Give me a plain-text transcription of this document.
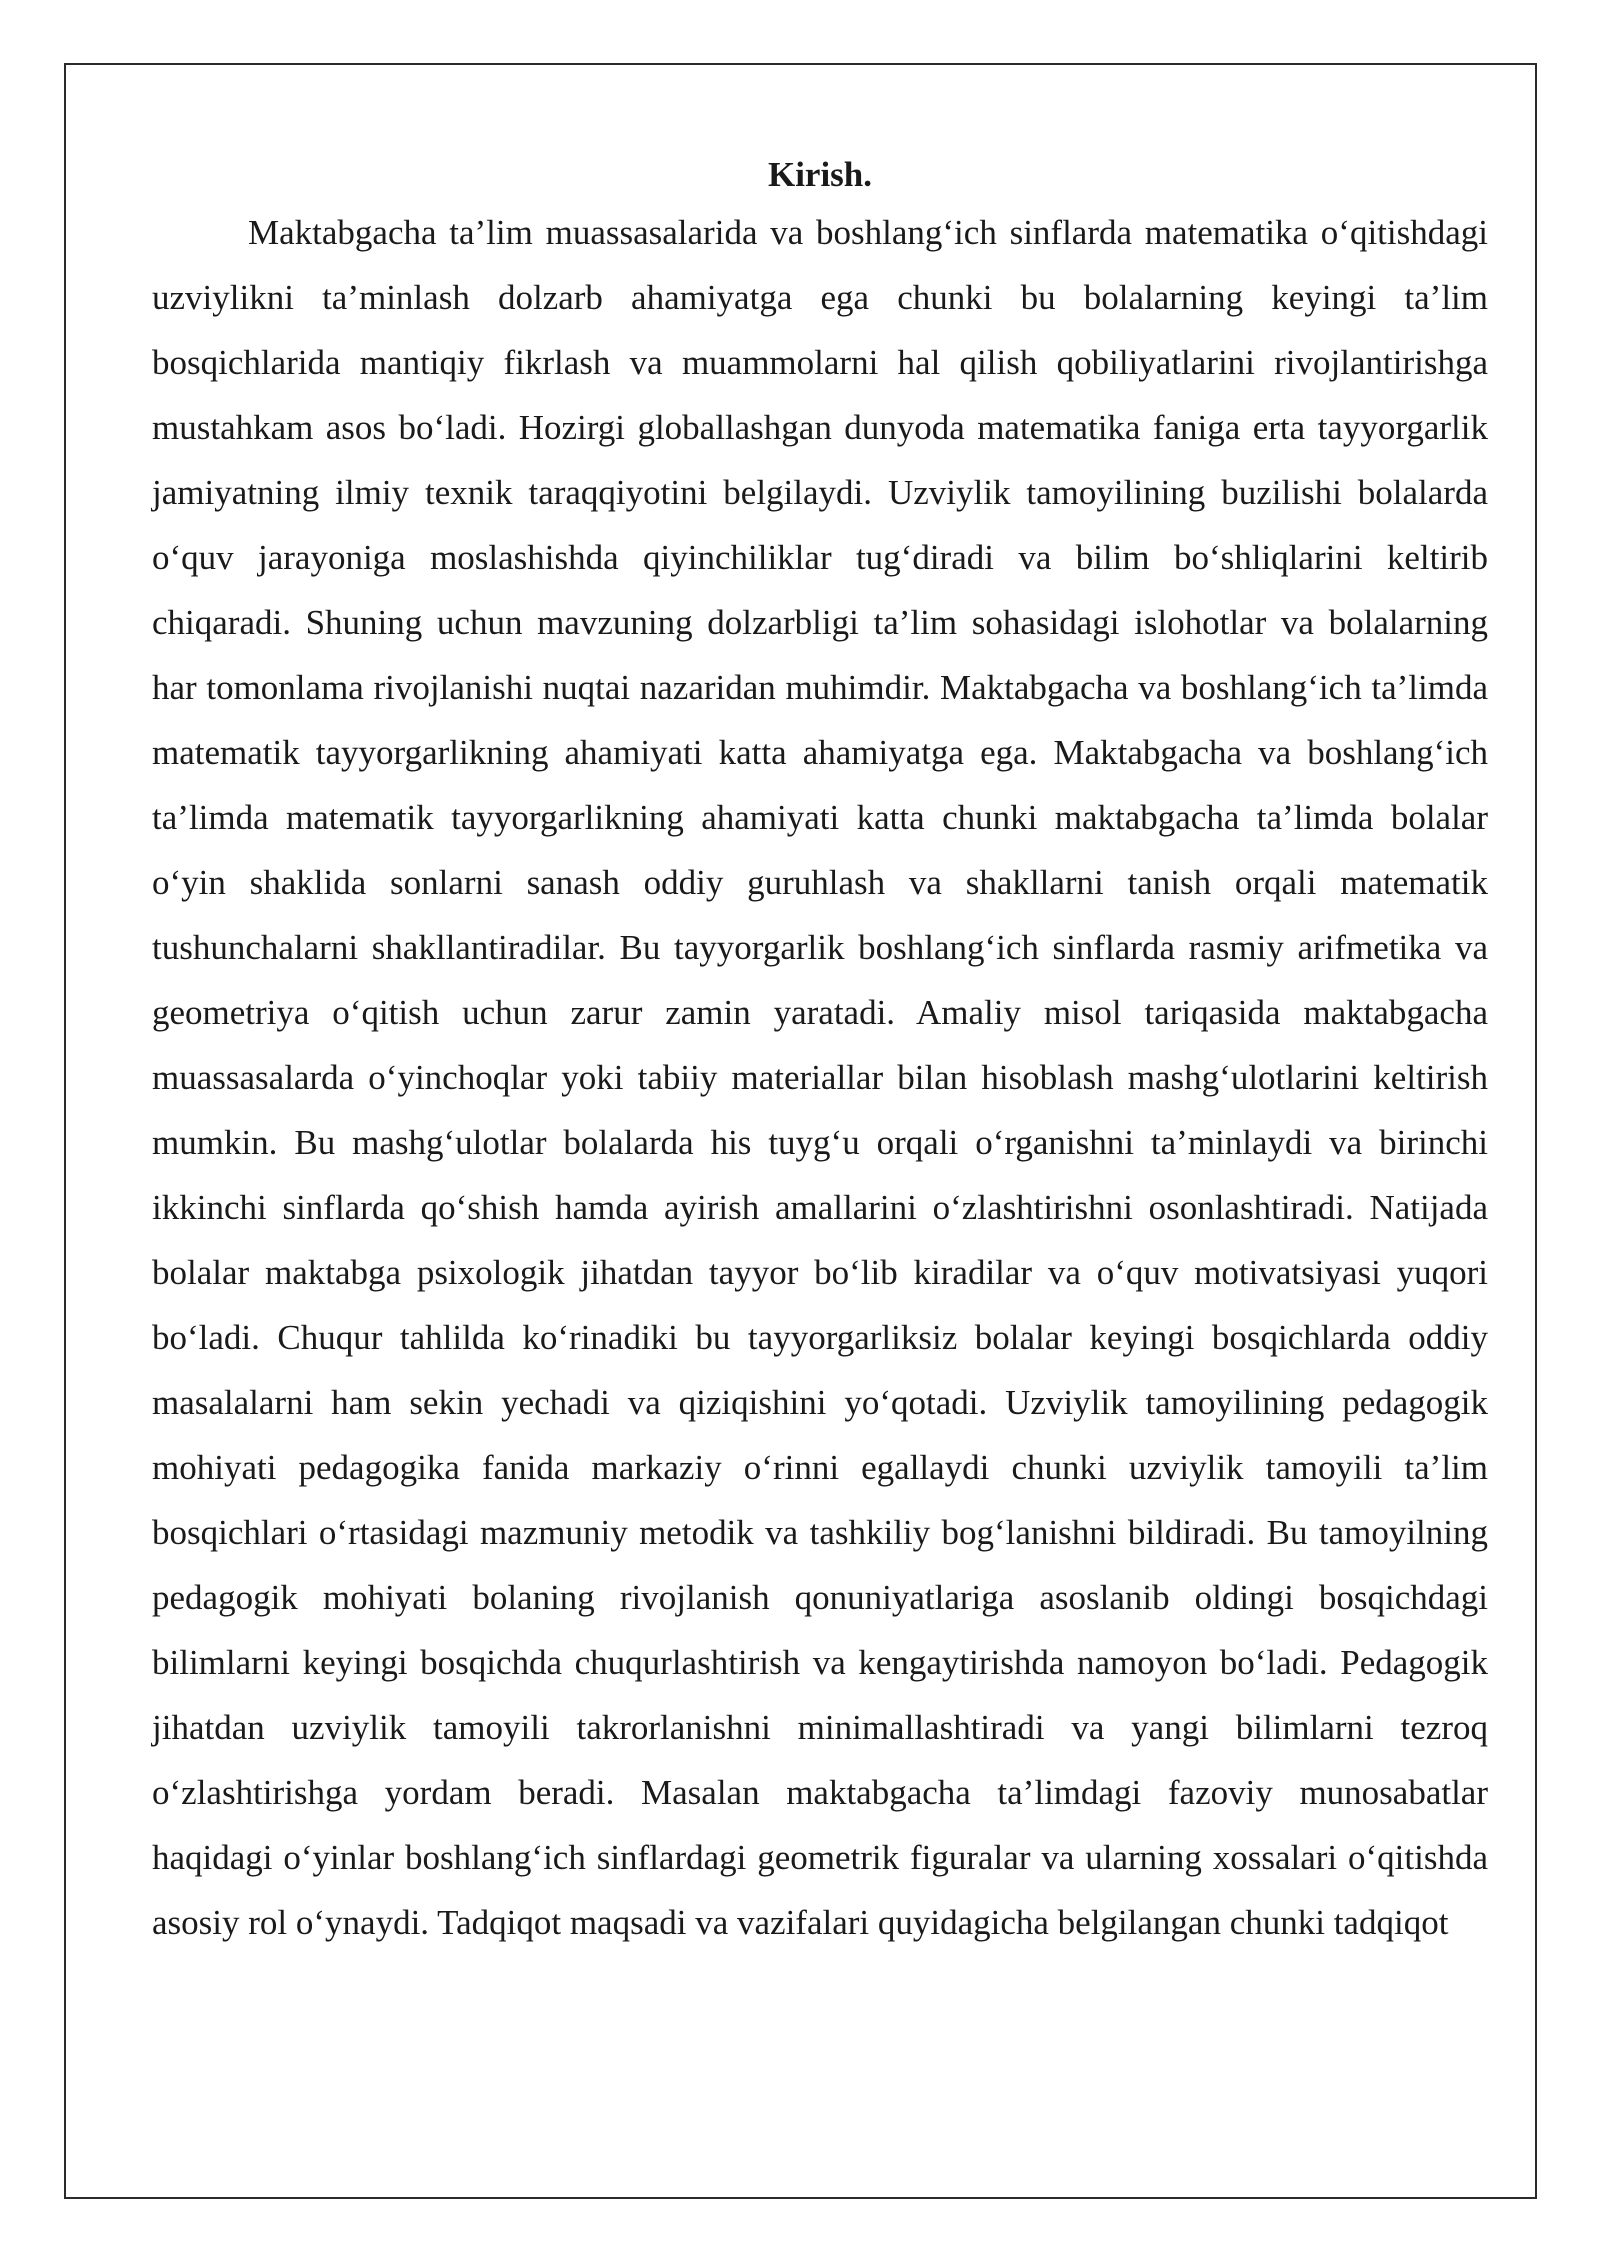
Kirish.

Maktabgacha ta’lim muassasalarida va boshlang‘ich sinflarda matematika o‘qitishdagi uzviylikni ta’minlash dolzarb ahamiyatga ega chunki bu bolalarning keyingi ta’lim bosqichlarida mantiqiy fikrlash va muammolarni hal qilish qobiliyatlarini rivojlantirishga mustahkam asos bo‘ladi. Hozirgi globallashgan dunyoda matematika faniga erta tayyorgarlik jamiyatning ilmiy texnik taraqqiyotini belgilaydi. Uzviylik tamoyilining buzilishi bolalarda o‘quv jarayoniga moslashishda qiyinchiliklar tug‘diradi va bilim bo‘shliqlarini keltirib chiqaradi. Shuning uchun mavzuning dolzarbligi ta’lim sohasidagi islohotlar va bolalarning har tomonlama rivojlanishi nuqtai nazaridan muhimdir. Maktabgacha va boshlang‘ich ta’limda matematik tayyorgarlikning ahamiyati katta ahamiyatga ega. Maktabgacha va boshlang‘ich ta’limda matematik tayyorgarlikning ahamiyati katta chunki maktabgacha ta’limda bolalar o‘yin shaklida sonlarni sanash oddiy guruhlash va shakllarni tanish orqali matematik tushunchalarni shakllantiradilar. Bu tayyorgarlik boshlang‘ich sinflarda rasmiy arifmetika va geometriya o‘qitish uchun zarur zamin yaratadi. Amaliy misol tariqasida maktabgacha muassasalarda o‘yinchoqlar yoki tabiiy materiallar bilan hisoblash mashg‘ulotlarini keltirish mumkin. Bu mashg‘ulotlar bolalarda his tuyg‘u orqali o‘rganishni ta’minlaydi va birinchi ikkinchi sinflarda qo‘shish hamda ayirish amallarini o‘zlashtirishni osonlashtiradi. Natijada bolalar maktabga psixologik jihatdan tayyor bo‘lib kiradilar va o‘quv motivatsiyasi yuqori bo‘ladi. Chuqur tahlilda ko‘rinadiki bu tayyorgarliksiz bolalar keyingi bosqichlarda oddiy masalalarni ham sekin yechadi va qiziqishini yo‘qotadi. Uzviylik tamoyilining pedagogik mohiyati pedagogika fanida markaziy o‘rinni egallaydi chunki uzviylik tamoyili ta’lim bosqichlari o‘rtasidagi mazmuniy metodik va tashkiliy bog‘lanishni bildiradi. Bu tamoyilning pedagogik mohiyati bolaning rivojlanish qonuniyatlariga asoslanib oldingi bosqichdagi bilimlarni keyingi bosqichda chuqurlashtirish va kengaytirishda namoyon bo‘ladi. Pedagogik jihatdan uzviylik tamoyili takrorlanishni minimallashtiradi va yangi bilimlarni tezroq o‘zlashtirishga yordam beradi. Masalan maktabgacha ta’limdagi fazoviy munosabatlar haqidagi o‘yinlar boshlang‘ich sinflardagi geometrik figuralar va ularning xossalari o‘qitishda asosiy rol o‘ynaydi. Tadqiqot maqsadi va vazifalari quyidagicha belgilangan chunki tadqiqot
